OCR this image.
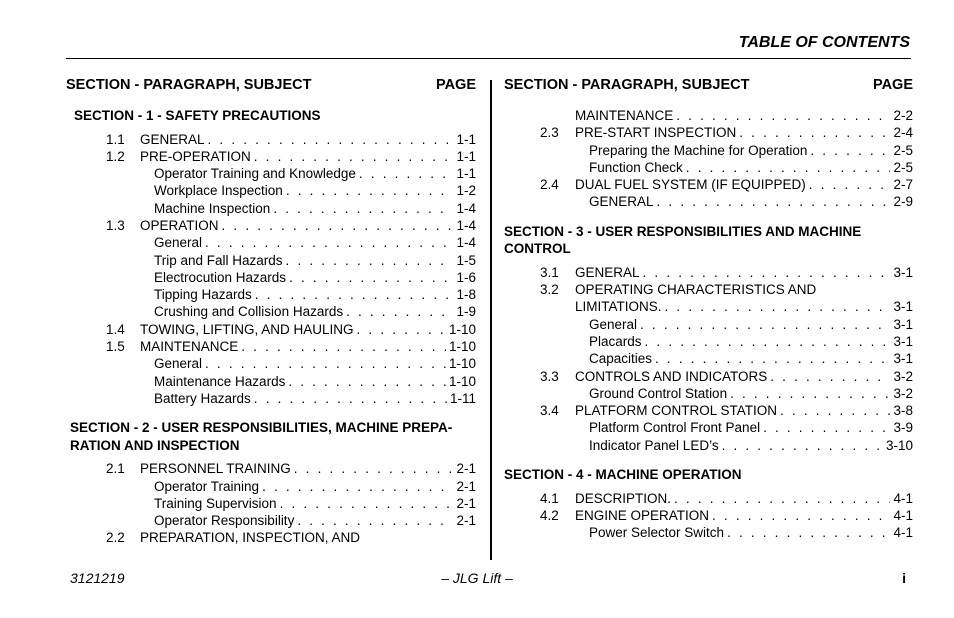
TABLE OF CONTENTS
SECTION - PARAGRAPH, SUBJECT	PAGE
SECTION - 1 - SAFETY PRECAUTIONS
1.1	GENERAL . . .	1-1
1.2	PRE-OPERATION . . .	1-1
Operator Training and Knowledge . . .	1-1
Workplace Inspection . . .	1-2
Machine Inspection . . .	1-4
1.3	OPERATION . . .	1-4
General . . .	1-4
Trip and Fall Hazards . . .	1-5
Electrocution Hazards . . .	1-6
Tipping Hazards . . .	1-8
Crushing and Collision Hazards . . .	1-9
1.4	TOWING, LIFTING, AND HAULING . . .	1-10
1.5	MAINTENANCE . . .	1-10
General . . .	1-10
Maintenance Hazards . . .	1-10
Battery Hazards . . .	1-11
SECTION - 2 - USER RESPONSIBILITIES, MACHINE PREPA-RATION AND INSPECTION
2.1	PERSONNEL TRAINING . . .	2-1
Operator Training . . .	2-1
Training Supervision . . .	2-1
Operator Responsibility . . .	2-1
2.2	PREPARATION, INSPECTION, AND
SECTION - PARAGRAPH, SUBJECT	PAGE
MAINTENANCE . . .	2-2
2.3	PRE-START INSPECTION . . .	2-4
Preparing the Machine for Operation . . .	2-5
Function Check . . .	2-5
2.4	DUAL FUEL SYSTEM (IF EQUIPPED) . . .	2-7
GENERAL . . .	2-9
SECTION - 3 - USER RESPONSIBILITIES AND MACHINE CONTROL
3.1	GENERAL . . .	3-1
3.2	OPERATING CHARACTERISTICS AND
LIMITATIONS. . . .	3-1
General . . .	3-1
Placards . . .	3-1
Capacities . . .	3-1
3.3	CONTROLS AND INDICATORS . . .	3-2
Ground Control Station . . .	3-2
3.4	PLATFORM CONTROL STATION . . .	3-8
Platform Control Front Panel . . .	3-9
Indicator Panel LED’s . . .	3-10
SECTION - 4 - MACHINE OPERATION
4.1	DESCRIPTION. . . .	4-1
4.2	ENGINE OPERATION . . .	4-1
Power Selector Switch . . .	4-1
3121219	– JLG Lift –	i
